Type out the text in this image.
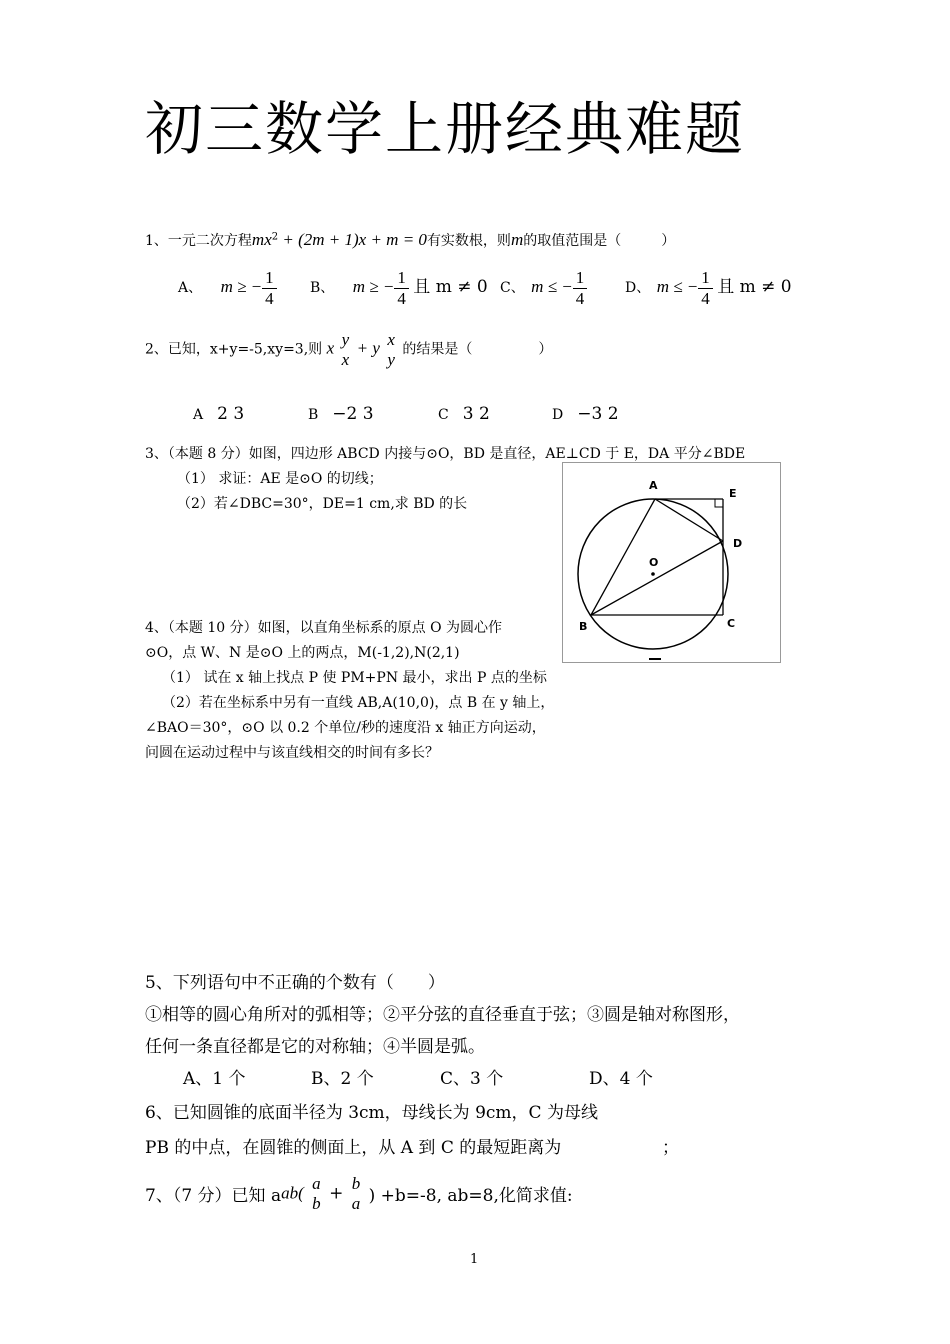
初三数学上册经典难题
1、一元二次方程$mx^2 + (2m + 1)x + m = 0$有实数根，则m的取值范围是（	）
A、 m ≥ − $\frac{1}{4}$ B、 m ≥ − $\frac{1}{4}$ 且 m ≠ 0 C、 m ≤ − $\frac{1}{4}$	D、 m ≤ − $\frac{1}{4}$ 且 m ≠ 0
2、已知，x+y=-5,xy=3,则 x y
x
+ y x
y 的结果是（	）
A 2 3	B −2 3	C 3 2	D −3 2
3、（本题 8 分）如图，四边形 ABCD 内接与⊙O，BD 是直径，AE⊥CD 于 E，DA 平分∠BDE
（1） 求证：AE 是⊙O 的切线；
（2）若∠DBC=30°，DE=1 cm,求 BD 的长
A
E
D
O
B	C
4、（本题 10 分）如图，以直角坐标系的原点 O 为圆心作
⊙O，点 W、N 是⊙O 上的两点，M(-1,2),N(2,1)
（1） 试在 x 轴上找点 P 使 PM+PN 最小，求出 P 点的坐标
（2）若在坐标系中另有一直线 AB,A(10,0)，点 B 在 y 轴上，
∠BAO＝30°，⊙O 以 0.2 个单位/秒的速度沿 x 轴正方向运动，
问圆在运动过程中与该直线相交的时间有多长？
5、下列语句中不正确的个数有（　　）
①相等的圆心角所对的弧相等；②平分弦的直径垂直于弦；③圆是轴对称图形，
任何一条直径都是它的对称轴；④半圆是弧。
A、1 个	B、2 个	C、3 个	D、4 个
6、已知圆锥的底面半径为 3cm，母线长为 9cm，C 为母线
PB 的中点，在圆锥的侧面上，从 A 到 C 的最短距离为	；
7、（7 分）已知 aab(
a
b +
b
a ) +b=-8, ab=8,化简求值:
1
